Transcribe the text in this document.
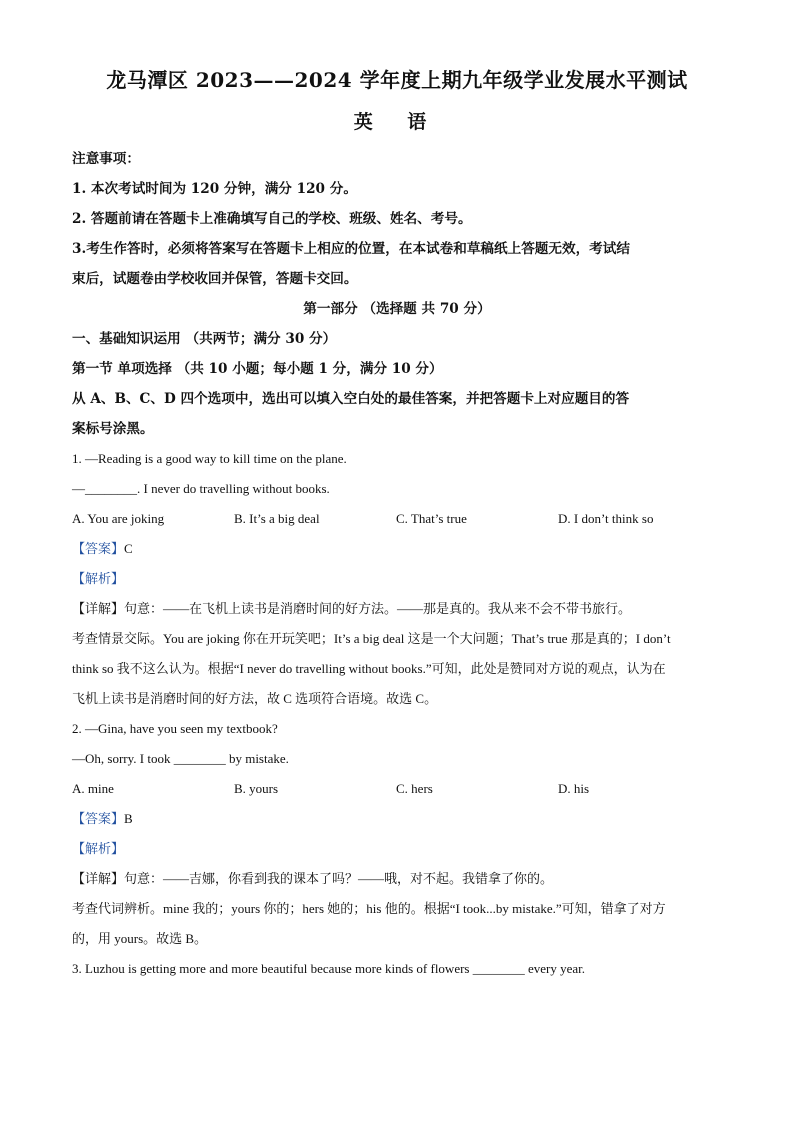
龙马潭区 2023——2024 学年度上期九年级学业发展水平测试
英 语

注意事项：

1. 本次考试时间为 120 分钟，满分 120 分。

2. 答题前请在答题卡上准确填写自己的学校、班级、姓名、考号。

3.考生作答时，必须将答案写在答题卡上相应的位置，在本试卷和草稿纸上答题无效，考试结

束后，试题卷由学校收回并保管，答题卡交回。

第一部分 （选择题 共 70 分）

一、基础知识运用 （共两节；满分 30 分）

第一节 单项选择 （共 10 小题；每小题 1 分，满分 10 分）

从 A、B、C、D 四个选项中，选出可以填入空白处的最佳答案，并把答题卡上对应题目的答

案标号涂黑。

1. —Reading is a good way to kill time on the plane.

—________. I never do travelling without books.

A. You are joking	B. It’s a big deal	C. That’s true	D. I don’t think so

【答案】C

【解析】

【详解】句意：——在飞机上读书是消磨时间的好方法。——那是真的。我从来不会不带书旅行。

考查情景交际。You are joking 你在开玩笑吧；It’s a big deal 这是一个大问题；That’s true 那是真的；I don’t

think so 我不这么认为。根据“I never do travelling without books.”可知，此处是赞同对方说的观点，认为在

飞机上读书是消磨时间的好方法，故 C 选项符合语境。故选 C。

2. —Gina, have you seen my textbook?

—Oh, sorry. I took ________ by mistake.

A. mine	B. yours	C. hers	D. his

【答案】B

【解析】

【详解】句意：——吉娜，你看到我的课本了吗？——哦，对不起。我错拿了你的。

考查代词辨析。mine 我的；yours 你的；hers 她的；his 他的。根据“I took...by mistake.”可知，错拿了对方

的，用 yours。故选 B。

3. Luzhou is getting more and more beautiful because more kinds of flowers ________ every year.
